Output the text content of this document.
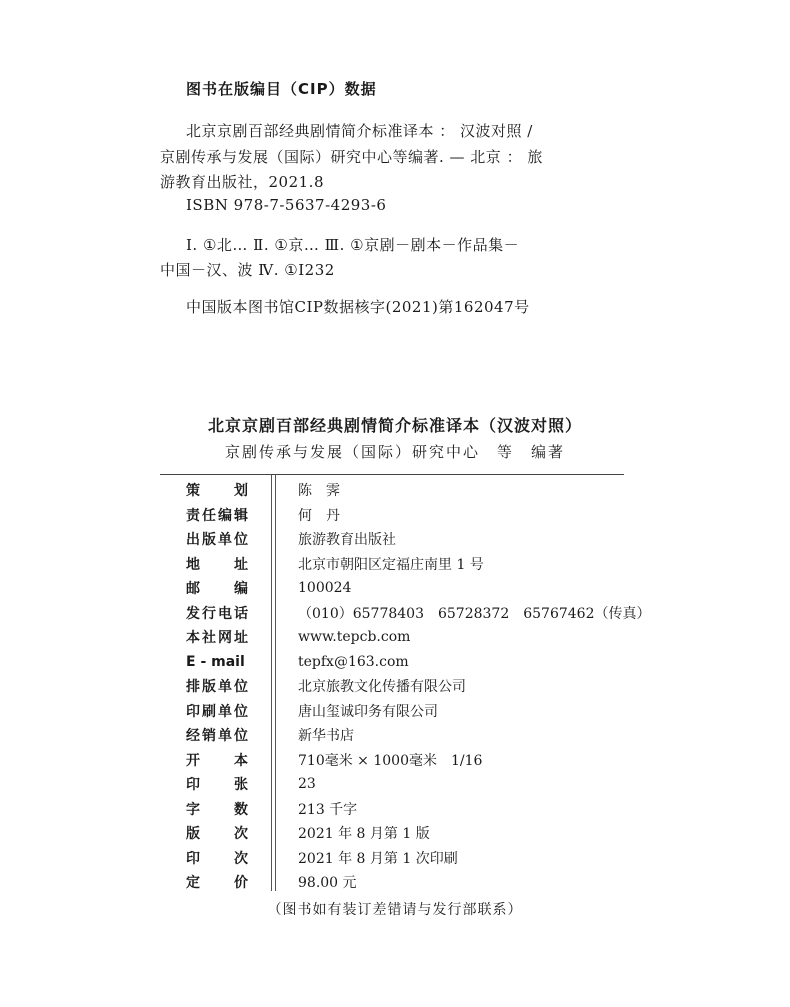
图书在版编目（CIP）数据
北京京剧百部经典剧情简介标准译本 ： 汉波对照 /
京剧传承与发展（国际）研究中心等编著. — 北京 ： 旅
游教育出版社，2021.8
ISBN 978-7-5637-4293-6
Ⅰ. ①北… Ⅱ. ①京… Ⅲ. ①京剧－剧本－作品集－
中国－汉、波 Ⅳ. ①I232
中国版本图书馆CIP数据核字(2021)第162047号
北京京剧百部经典剧情简介标准译本（汉波对照）
京剧传承与发展（国际）研究中心　等　编著
策 划	陈　霁
责 任 编 辑	何　丹
出 版 单 位	旅游教育出版社
地 址	北京市朝阳区定福庄南里 1 号
邮 编	100024
发 行 电 话	（010）65778403　65728372　65767462（传真）
本 社 网 址	www.tepcb.com
E - mail	tepfx@163.com
排 版 单 位	北京旅教文化传播有限公司
印 刷 单 位	唐山玺诚印务有限公司
经 销 单 位	新华书店
开 本	710毫米 × 1000毫米　1/16
印 张	23
字 数	213 千字
版 次	2021 年 8 月第 1 版
印 次	2021 年 8 月第 1 次印刷
定 价	98.00 元
（图书如有装订差错请与发行部联系）
